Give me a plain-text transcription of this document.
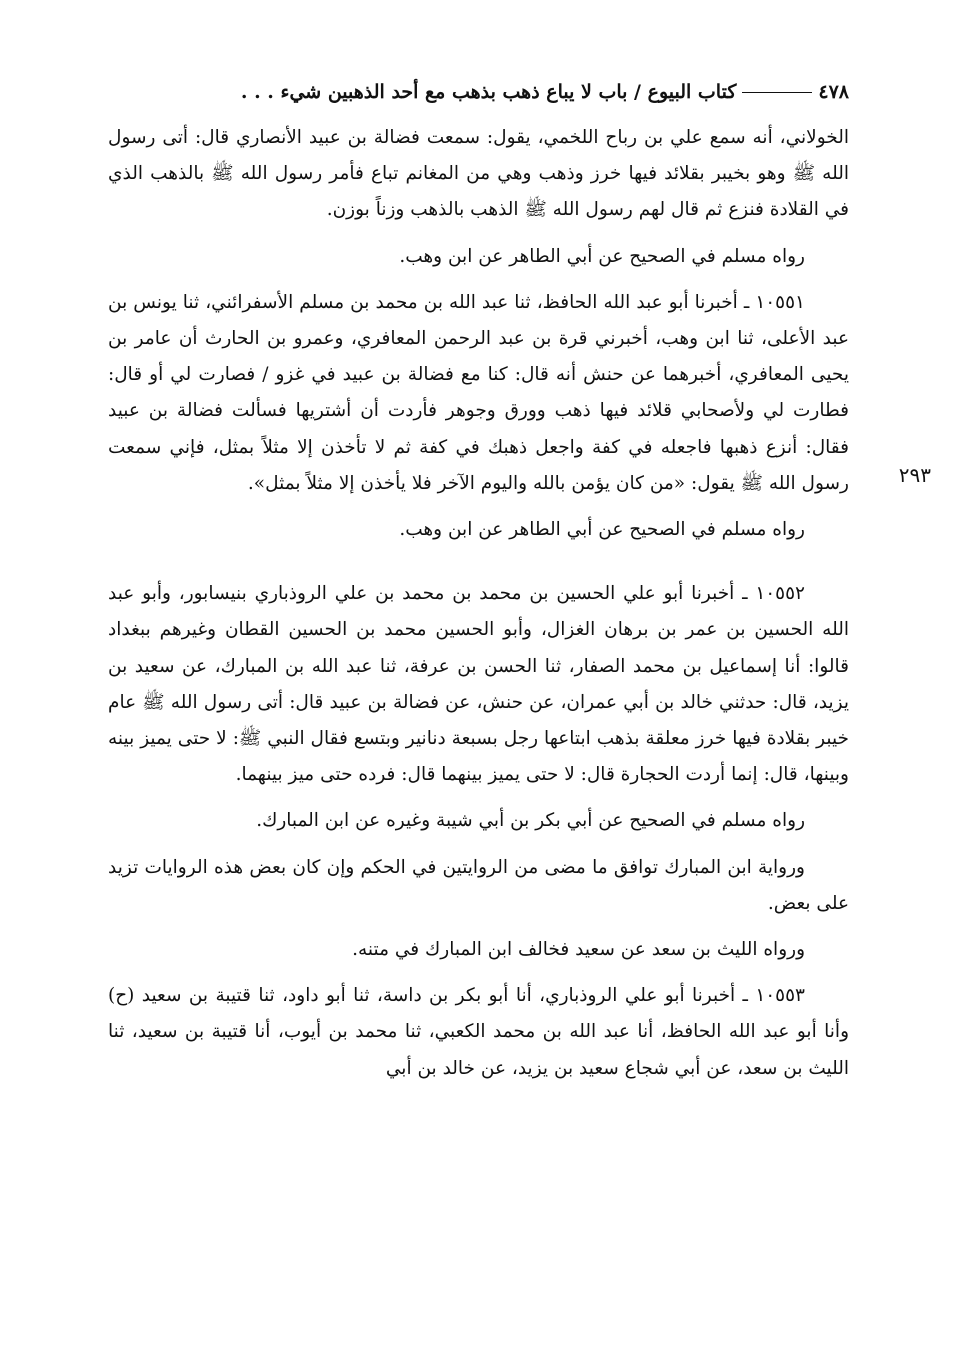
٤٧٨
كتاب البيوع / باب لا يباع ذهب بذهب مع أحد الذهبين شيء . . .
٢٩٣

الخولاني، أنه سمع علي بن رباح اللخمي، يقول: سمعت فضالة بن عبيد الأنصاري قال: أتى رسول الله ﷺ وهو بخيبر بقلائد فيها خرز وذهب وهي من المغانم تباع فأمر رسول الله ﷺ بالذهب الذي في القلادة فنزع ثم قال لهم رسول الله ﷺ الذهب بالذهب وزناً بوزن.

رواه مسلم في الصحيح عن أبي الطاهر عن ابن وهب.

١٠٥٥١ ـ أخبرنا أبو عبد الله الحافظ، ثنا عبد الله بن محمد بن مسلم الأسفرائني، ثنا يونس بن عبد الأعلى، ثنا ابن وهب، أخبرني قرة بن عبد الرحمن المعافري، وعمرو بن الحارث أن عامر بن يحيى المعافري، أخبرهما عن حنش أنه قال: كنا مع فضالة بن عبيد في غزو / فصارت لي أو قال: فطارت لي ولأصحابي قلائد فيها ذهب وورق وجوهر فأردت أن أشتريها فسألت فضالة بن عبيد فقال: أنزع ذهبها فاجعله في كفة واجعل ذهبك في كفة ثم لا تأخذن إلا مثلاً بمثل، فإني سمعت رسول الله ﷺ يقول: «من كان يؤمن بالله واليوم الآخر فلا يأخذن إلا مثلاً بمثل».

رواه مسلم في الصحيح عن أبي الطاهر عن ابن وهب.

١٠٥٥٢ ـ أخبرنا أبو علي الحسين بن محمد بن محمد بن علي الروذباري بنيسابور، وأبو عبد الله الحسين بن عمر بن برهان الغزال، وأبو الحسين محمد بن الحسين القطان وغيرهم ببغداد قالوا: أنا إسماعيل بن محمد الصفار، ثنا الحسن بن عرفة، ثنا عبد الله بن المبارك، عن سعيد بن يزيد، قال: حدثني خالد بن أبي عمران، عن حنش، عن فضالة بن عبيد قال: أتى رسول الله ﷺ عام خيبر بقلادة فيها خرز معلقة بذهب ابتاعها رجل بسبعة دنانير وبتسع فقال النبي ﷺ: لا حتى يميز بينه وبينها، قال: إنما أردت الحجارة قال: لا حتى يميز بينهما قال: فرده حتى ميز بينهما.

رواه مسلم في الصحيح عن أبي بكر بن أبي شيبة وغيره عن ابن المبارك.

ورواية ابن المبارك توافق ما مضى من الروايتين في الحكم وإن كان بعض هذه الروايات تزيد على بعض.

ورواه الليث بن سعد عن سعيد فخالف ابن المبارك في متنه.

١٠٥٥٣ ـ أخبرنا أبو علي الروذباري، أنا أبو بكر بن داسة، ثنا أبو داود، ثنا قتيبة بن سعيد (ح) وأنا أبو عبد الله الحافظ، أنا عبد الله بن محمد الكعبي، ثنا محمد بن أيوب، أنا قتيبة بن سعيد، ثنا الليث بن سعد، عن أبي شجاع سعيد بن يزيد، عن خالد بن أبي
